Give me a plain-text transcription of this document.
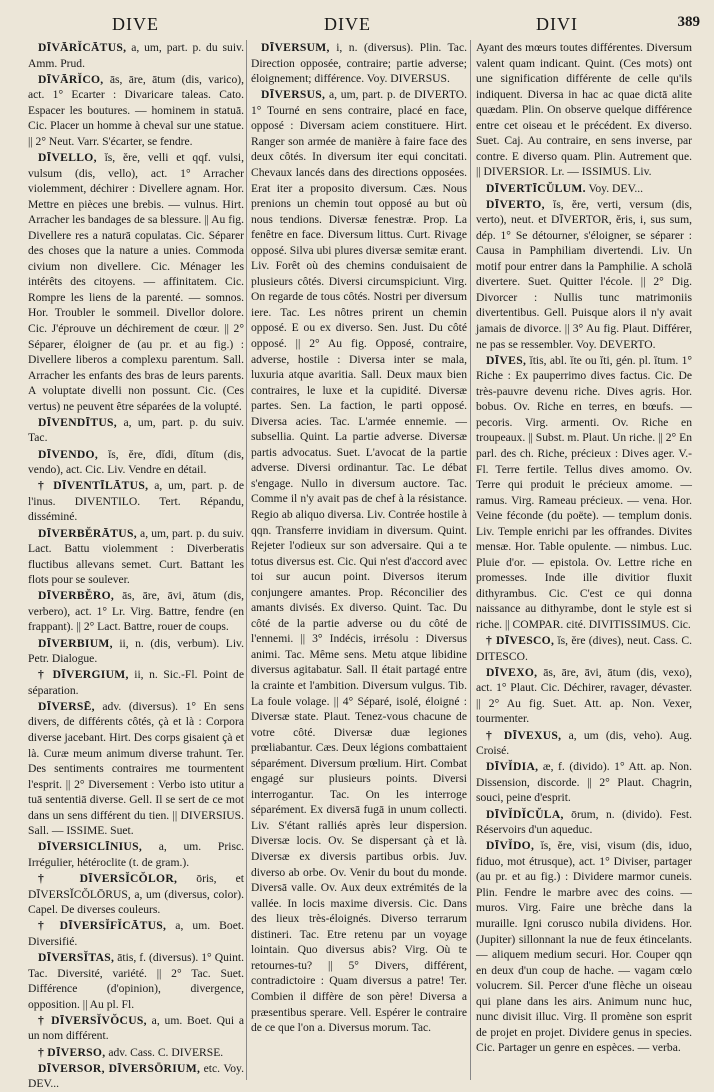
DIVE	DIVE	DIVI	389

DĪVĀRĬCĀTUS, a, um, part. p. du suiv. Amm. Prud.

DĪVĀRĬCO, ās, āre, ātum (dis, varico), act. 1° Ecarter : Divaricare taleas. Cato. Espacer les boutures. — hominem in statuā. Cic. Placer un homme à cheval sur une statue. || 2° Neut. Varr. S'écarter, se fendre.

DĪVELLO, ĭs, ĕre, velli et qqf. vulsi, vulsum (dis, vello), act. 1° Arracher violemment, déchirer : Divellere agnam. Hor. Mettre en pièces une brebis. — vulnus. Hirt. Arracher les bandages de sa blessure. || Au fig. Divellere res a naturā copulatas. Cic. Séparer des choses que la nature a unies. Commoda civium non divellere. Cic. Ménager les intérêts des citoyens. — affinitatem. Cic. Rompre les liens de la parenté. — somnos. Hor. Troubler le sommeil. Divellor dolore. Cic. J'éprouve un déchirement de cœur. || 2° Séparer, éloigner de (au pr. et au fig.) : Divellere liberos a complexu parentum. Sall. Arracher les enfants des bras de leurs parents. A voluptate divelli non possunt. Cic. (Ces vertus) ne peuvent être séparées de la volupté.

DĪVENDĪTUS, a, um, part. p. du suiv. Tac.

DĪVENDO, ĭs, ĕre, dĭdi, dĭtum (dis, vendo), act. Cic. Liv. Vendre en détail.

† DĪVENTĪLĀTUS, a, um, part. p. de l'inus. DIVENTILO. Tert. Répandu, disséminé.

DĪVERBĔRĀTUS, a, um, part. p. du suiv. Lact. Battu violemment : Diverberatis fluctibus allevans semet. Curt. Battant les flots pour se soulever.

DĪVERBĔRO, ās, āre, āvi, ātum (dis, verbero), act. 1° Lr. Virg. Battre, fendre (en frappant). || 2° Lact. Battre, rouer de coups.

DĪVERBIUM, ii, n. (dis, verbum). Liv. Petr. Dialogue.

† DĪVERGIUM, ii, n. Sic.-Fl. Point de séparation.

DĪVERSĒ, adv. (diversus). 1° En sens divers, de différents côtés, çà et là : Corpora diverse jacebant. Hirt. Des corps gisaient çà et là. Curæ meum animum diverse trahunt. Ter. Des sentiments contraires me tourmentent l'esprit. || 2° Diversement : Verbo isto utitur a tuā sententiā diverse. Gell. Il se sert de ce mot dans un sens différent du tien. || DIVERSIUS. Sall. — ISSIME. Suet.

DĪVERSICLĪNIUS, a, um. Prisc. Irrégulier, hétéroclite (t. de gram.).

† DĪVERSĬCŎLOR, ōris, et DĪVERSĬCŎLŌRUS, a, um (diversus, color). Capel. De diverses couleurs.

† DĪVERSĬFĬCĀTUS, a, um. Boet. Diversifié.

DĪVERSĬTAS, ātis, f. (diversus). 1° Quint. Tac. Diversité, variété. || 2° Tac. Suet. Différence (d'opinion), divergence, opposition. || Au pl. Fl.

† DĪVERSĬVŎCUS, a, um. Boet. Qui a un nom différent.

† DĪVERSO, adv. Cass. C. DIVERSE.

DĪVERSOR, DĪVERSŌRIUM, etc. Voy. DEV...

DĪVERSUM, i, n. (diversus). Plin. Tac. Direction opposée, contraire; partie adverse; éloignement; différence. Voy. DIVERSUS.

DĪVERSUS, a, um, part. p. de DIVERTO. 1° Tourné en sens contraire, placé en face, opposé : Diversam aciem constituere. Hirt. Ranger son armée de manière à faire face des deux côtés. In diversum iter equi concitati. Chevaux lancés dans des directions opposées. Erat iter a proposito diversum. Cæs. Nous prenions un chemin tout opposé au but où nous tendions. Diversæ fenestræ. Prop. La fenêtre en face. Diversum littus. Curt. Rivage opposé. Silva ubi plures diversæ semitæ erant. Liv. Forêt où des chemins conduisaient de plusieurs côtés. Diversi circumspiciunt. Virg. On regarde de tous côtés. Nostri per diversum iere. Tac. Les nôtres prirent un chemin opposé. E ou ex diverso. Sen. Just. Du côté opposé. || 2° Au fig. Opposé, contraire, adverse, hostile : Diversa inter se mala, luxuria atque avaritia. Sall. Deux maux bien contraires, le luxe et la cupidité. Diversæ partes. Sen. La faction, le parti opposé. Diversa acies. Tac. L'armée ennemie. — subsellia. Quint. La partie adverse. Diversæ partis advocatus. Suet. L'avocat de la partie adverse. Diversi ordinantur. Tac. Le débat s'engage. Nullo in diversum auctore. Tac. Comme il n'y avait pas de chef à la résistance. Regio ab aliquo diversa. Liv. Contrée hostile à qqn. Transferre invidiam in diversum. Quint. Rejeter l'odieux sur son adversaire. Qui a te totus diversus est. Cic. Qui n'est d'accord avec toi sur aucun point. Diversos iterum conjungere amantes. Prop. Réconcilier des amants divisés. Ex diverso. Quint. Tac. Du côté de la partie adverse ou du côté de l'ennemi. || 3° Indécis, irrésolu : Diversus animi. Tac. Même sens. Metu atque libidine diversus agitabatur. Sall. Il était partagé entre la crainte et l'ambition. Diversum vulgus. Tib. La foule volage. || 4° Séparé, isolé, éloigné : Diversæ state. Plaut. Tenez-vous chacune de votre côté. Diversæ duæ legiones prœliabantur. Cæs. Deux légions combattaient séparément. Diversum prœlium. Hirt. Combat engagé sur plusieurs points. Diversi interrogantur. Tac. On les interroge séparément. Ex diversā fugā in unum collecti. Liv. S'étant ralliés après leur dispersion. Diversæ locis. Ov. Se dispersant çà et là. Diversæ ex diversis partibus orbis. Juv. diverso ab orbe. Ov. Venir du bout du monde. Diversā valle. Ov. Aux deux extrémités de la vallée. In locis maxime diversis. Cic. Dans des lieux très-éloignés. Diverso terrarum distineri. Tac. Etre retenu par un voyage lointain. Quo diversus abis? Virg. Où te retournes-tu? || 5° Divers, différent, contradictoire : Quam diversus a patre! Ter. Combien il diffère de son père! Diversa a præsentibus sperare. Vell. Espérer le contraire de ce que l'on a. Diversus morum. Tac.

Ayant des mœurs toutes différentes. Diversum valent quam indicant. Quint. (Ces mots) ont une signification différente de celle qu'ils indiquent. Diversa in hac ac quae dictā alite quædam. Plin. On observe quelque différence entre cet oiseau et le précédent. Ex diverso. Suet. Caj. Au contraire, en sens inverse, par contre. E diverso quam. Plin. Autrement que. || DIVERSIOR. Lr. — ISSIMUS. Liv.

DĪVERTĪCŬLUM. Voy. DEV...

DĪVERTO, ĭs, ĕre, verti, versum (dis, verto), neut. et DĪVERTOR, ĕris, i, sus sum, dép. 1° Se détourner, s'éloigner, se séparer : Causa in Pamphiliam divertendi. Liv. Un motif pour entrer dans la Pamphilie. A scholā divertere. Suet. Quitter l'école. || 2° Dig. Divorcer : Nullis tunc matrimoniis divertentibus. Gell. Puisque alors il n'y avait jamais de divorce. || 3° Au fig. Plaut. Différer, ne pas se ressembler. Voy. DEVERTO.

DĪVES, ĭtis, abl. ĭte ou ĭti, gén. pl. ĭtum. 1° Riche : Ex pauperrimo dives factus. Cic. De très-pauvre devenu riche. Dives agris. Hor. bobus. Ov. Riche en terres, en bœufs. — pecoris. Virg. armenti. Ov. Riche en troupeaux. || Subst. m. Plaut. Un riche. || 2° En parl. des ch. Riche, précieux : Dives ager. V.-Fl. Terre fertile. Tellus dives amomo. Ov. Terre qui produit le précieux amome. — ramus. Virg. Rameau précieux. — vena. Hor. Veine féconde (du poëte). — templum donis. Liv. Temple enrichi par les offrandes. Divites mensæ. Hor. Table opulente. — nimbus. Luc. Pluie d'or. — epistola. Ov. Lettre riche en promesses. Inde ille divitior fluxit dithyrambus. Cic. C'est ce qui donna naissance au dithyrambe, dont le style est si riche. || COMPAR. cité. DIVITISSIMUS. Cic.

† DĪVESCO, ĭs, ĕre (dives), neut. Cass. C. DITESCO.

DĪVEXO, ās, āre, āvi, ātum (dis, vexo), act. 1° Plaut. Cic. Déchirer, ravager, dévaster. || 2° Au fig. Suet. Att. ap. Non. Vexer, tourmenter.

† DĪVEXUS, a, um (dis, veho). Aug. Croisé.

DĪVĬDIA, æ, f. (divido). 1° Att. ap. Non. Dissension, discorde. || 2° Plaut. Chagrin, souci, peine d'esprit.

DĪVĬDĬCŬLA, ōrum, n. (divido). Fest. Réservoirs d'un aqueduc.

DĪVĬDO, ĭs, ĕre, visi, visum (dis, iduo, fiduo, mot étrusque), act. 1° Diviser, partager (au pr. et au fig.) : Dividere marmor cuneis. Plin. Fendre le marbre avec des coins. — muros. Virg. Faire une brèche dans la muraille. Igni corusco nubila dividens. Hor. (Jupiter) sillonnant la nue de feux étincelants. — aliquem medium securi. Hor. Couper qqn en deux d'un coup de hache. — vagam cœlo volucrem. Sil. Percer d'une flèche un oiseau qui plane dans les airs. Animum nunc huc, nunc divisit illuc. Virg. Il promène son esprit de projet en projet. Dividere genus in species. Cic. Partager un genre en espèces. — verba.
